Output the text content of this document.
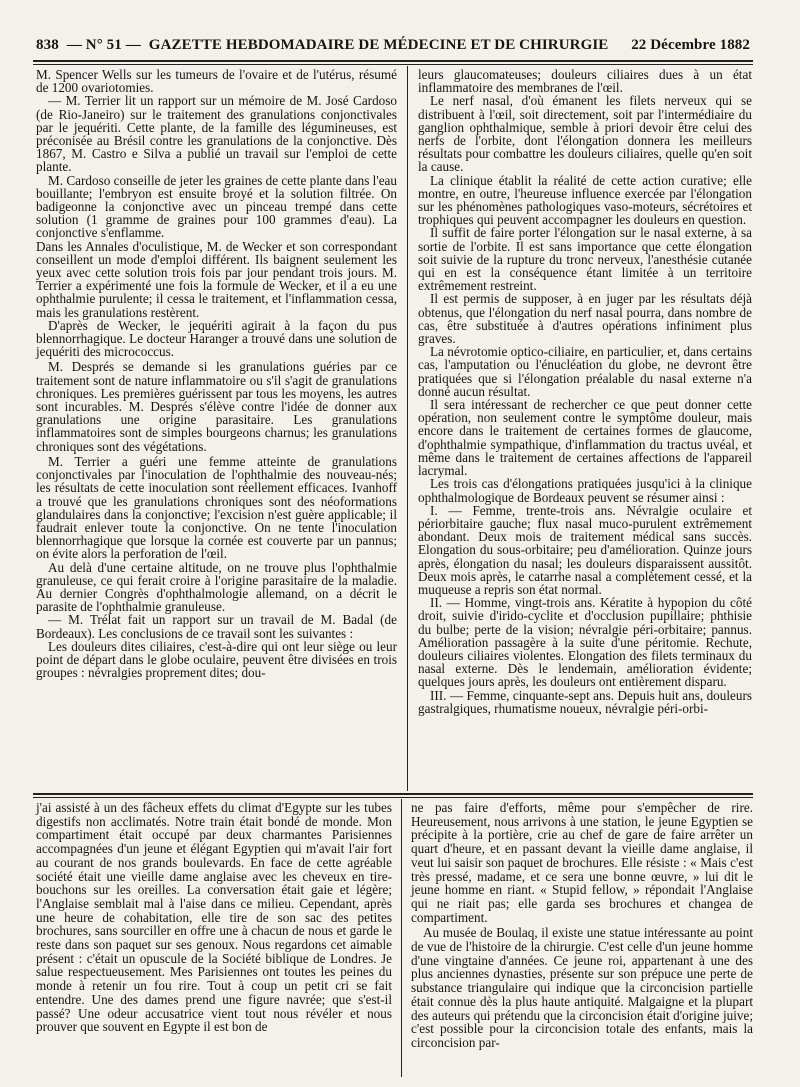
838 — N° 51 — GAZETTE HEBDOMADAIRE DE MÉDECINE ET DE CHIRURGIE 22 Décembre 1882

M. Spencer Wells sur les tumeurs de l'ovaire et de l'utérus, résumé de 1200 ovariotomies.

— M. Terrier lit un rapport sur un mémoire de M. José Cardoso (de Rio-Janeiro) sur le traitement des granulations conjonctivales par le jequériti. Cette plante, de la famille des légumineuses, est préconisée au Brésil contre les granulations de la conjonctive. Dès 1867, M. Castro e Silva a publié un travail sur l'emploi de cette plante.

M. Cardoso conseille de jeter les graines de cette plante dans l'eau bouillante; l'embryon est ensuite broyé et la solution filtrée. On badigeonne la conjonctive avec un pinceau trempé dans cette solution (1 gramme de graines pour 100 grammes d'eau). La conjonctive s'enflamme.

Dans les Annales d'oculistique, M. de Wecker et son correspondant conseillent un mode d'emploi différent. Ils baignent seulement les yeux avec cette solution trois fois par jour pendant trois jours. M. Terrier a expérimenté une fois la formule de Wecker, et il a eu une ophthalmie purulente; il cessa le traitement, et l'inflammation cessa, mais les granulations restèrent.

D'après de Wecker, le jequériti agirait à la façon du pus blennorrhagique. Le docteur Haranger a trouvé dans une solution de jequériti des micrococcus.

M. Després se demande si les granulations guéries par ce traitement sont de nature inflammatoire ou s'il s'agit de granulations chroniques. Les premières guérissent par tous les moyens, les autres sont incurables. M. Després s'élève contre l'idée de donner aux granulations une origine parasitaire. Les granulations inflammatoires sont de simples bourgeons charnus; les granulations chroniques sont des végétations.

M. Terrier a guéri une femme atteinte de granulations conjonctivales par l'inoculation de l'ophthalmie des nouveau-nés; les résultats de cette inoculation sont réellement efficaces. Ivanhoff a trouvé que les granulations chroniques sont des néoformations glandulaires dans la conjonctive; l'excision n'est guère applicable; il faudrait enlever toute la conjonctive. On ne tente l'inoculation blennorrhagique que lorsque la cornée est couverte par un pannus; on évite alors la perforation de l'œil.

Au delà d'une certaine altitude, on ne trouve plus l'ophthalmie granuleuse, ce qui ferait croire à l'origine parasitaire de la maladie. Au dernier Congrès d'ophthalmologie allemand, on a décrit le parasite de l'ophthalmie granuleuse.

— M. Trélat fait un rapport sur un travail de M. Badal (de Bordeaux). Les conclusions de ce travail sont les suivantes :

Les douleurs dites ciliaires, c'est-à-dire qui ont leur siège ou leur point de départ dans le globe oculaire, peuvent être divisées en trois groupes : névralgies proprement dites; dou-

leurs glaucomateuses; douleurs ciliaires dues à un état inflammatoire des membranes de l'œil.

Le nerf nasal, d'où émanent les filets nerveux qui se distribuent à l'œil, soit directement, soit par l'intermédiaire du ganglion ophthalmique, semble à priori devoir être celui des nerfs de l'orbite, dont l'élongation donnera les meilleurs résultats pour combattre les douleurs ciliaires, quelle qu'en soit la cause.

La clinique établit la réalité de cette action curative; elle montre, en outre, l'heureuse influence exercée par l'élongation sur les phénomènes pathologiques vaso-moteurs, sécrétoires et trophiques qui peuvent accompagner les douleurs en question.

Il suffit de faire porter l'élongation sur le nasal externe, à sa sortie de l'orbite. Il est sans importance que cette élongation soit suivie de la rupture du tronc nerveux, l'anesthésie cutanée qui en est la conséquence étant limitée à un territoire extrêmement restreint.

Il est permis de supposer, à en juger par les résultats déjà obtenus, que l'élongation du nerf nasal pourra, dans nombre de cas, être substituée à d'autres opérations infiniment plus graves.

La névrotomie optico-ciliaire, en particulier, et, dans certains cas, l'amputation ou l'énucléation du globe, ne devront être pratiquées que si l'élongation préalable du nasal externe n'a donné aucun résultat.

Il sera intéressant de rechercher ce que peut donner cette opération, non seulement contre le symptôme douleur, mais encore dans le traitement de certaines formes de glaucome, d'ophthalmie sympathique, d'inflammation du tractus uvéal, et même dans le traitement de certaines affections de l'appareil lacrymal.

Les trois cas d'élongations pratiquées jusqu'ici à la clinique ophthalmologique de Bordeaux peuvent se résumer ainsi :

I. — Femme, trente-trois ans. Névralgie oculaire et périorbitaire gauche; flux nasal muco-purulent extrêmement abondant. Deux mois de traitement médical sans succès. Elongation du sous-orbitaire; peu d'amélioration. Quinze jours après, élongation du nasal; les douleurs disparaissent aussitôt. Deux mois après, le catarrhe nasal a complètement cessé, et la muqueuse a repris son état normal.

II. — Homme, vingt-trois ans. Kératite à hypopion du côté droit, suivie d'irido-cyclite et d'occlusion pupillaire; phthisie du bulbe; perte de la vision; névralgie péri-orbitaire; pannus. Amélioration passagère à la suite d'une péritomie. Rechute, douleurs ciliaires violentes. Elongation des filets terminaux du nasal externe. Dès le lendemain, amélioration évidente; quelques jours après, les douleurs ont entièrement disparu.

III. — Femme, cinquante-sept ans. Depuis huit ans, douleurs gastralgiques, rhumatisme noueux, névralgie péri-orbi-

j'ai assisté à un des fâcheux effets du climat d'Egypte sur les tubes digestifs non acclimatés. Notre train était bondé de monde. Mon compartiment était occupé par deux charmantes Parisiennes accompagnées d'un jeune et élégant Egyptien qui m'avait l'air fort au courant de nos grands boulevards. En face de cette agréable société était une vieille dame anglaise avec les cheveux en tire-bouchons sur les oreilles. La conversation était gaie et légère; l'Anglaise semblait mal à l'aise dans ce milieu. Cependant, après une heure de cohabitation, elle tire de son sac des petites brochures, sans sourciller en offre une à chacun de nous et garde le reste dans son paquet sur ses genoux. Nous regardons cet aimable présent : c'était un opuscule de la Société biblique de Londres. Je salue respectueusement. Mes Parisiennes ont toutes les peines du monde à retenir un fou rire. Tout à coup un petit cri se fait entendre. Une des dames prend une figure navrée; que s'est-il passé? Une odeur accusatrice vient tout nous révéler et nous prouver que souvent en Egypte il est bon de

ne pas faire d'efforts, même pour s'empêcher de rire. Heureusement, nous arrivons à une station, le jeune Egyptien se précipite à la portière, crie au chef de gare de faire arrêter un quart d'heure, et en passant devant la vieille dame anglaise, il veut lui saisir son paquet de brochures. Elle résiste : « Mais c'est très pressé, madame, et ce sera une bonne œuvre, » lui dit le jeune homme en riant. « Stupid fellow, » répondait l'Anglaise qui ne riait pas; elle garda ses brochures et changea de compartiment.

Au musée de Boulaq, il existe une statue intéressante au point de vue de l'histoire de la chirurgie. C'est celle d'un jeune homme d'une vingtaine d'années. Ce jeune roi, appartenant à une des plus anciennes dynasties, présente sur son prépuce une perte de substance triangulaire qui indique que la circoncision partielle était connue dès la plus haute antiquité. Malgaigne et la plupart des auteurs qui prétendu que la circoncision était d'origine juive; c'est possible pour la circoncision totale des enfants, mais la circoncision par-
